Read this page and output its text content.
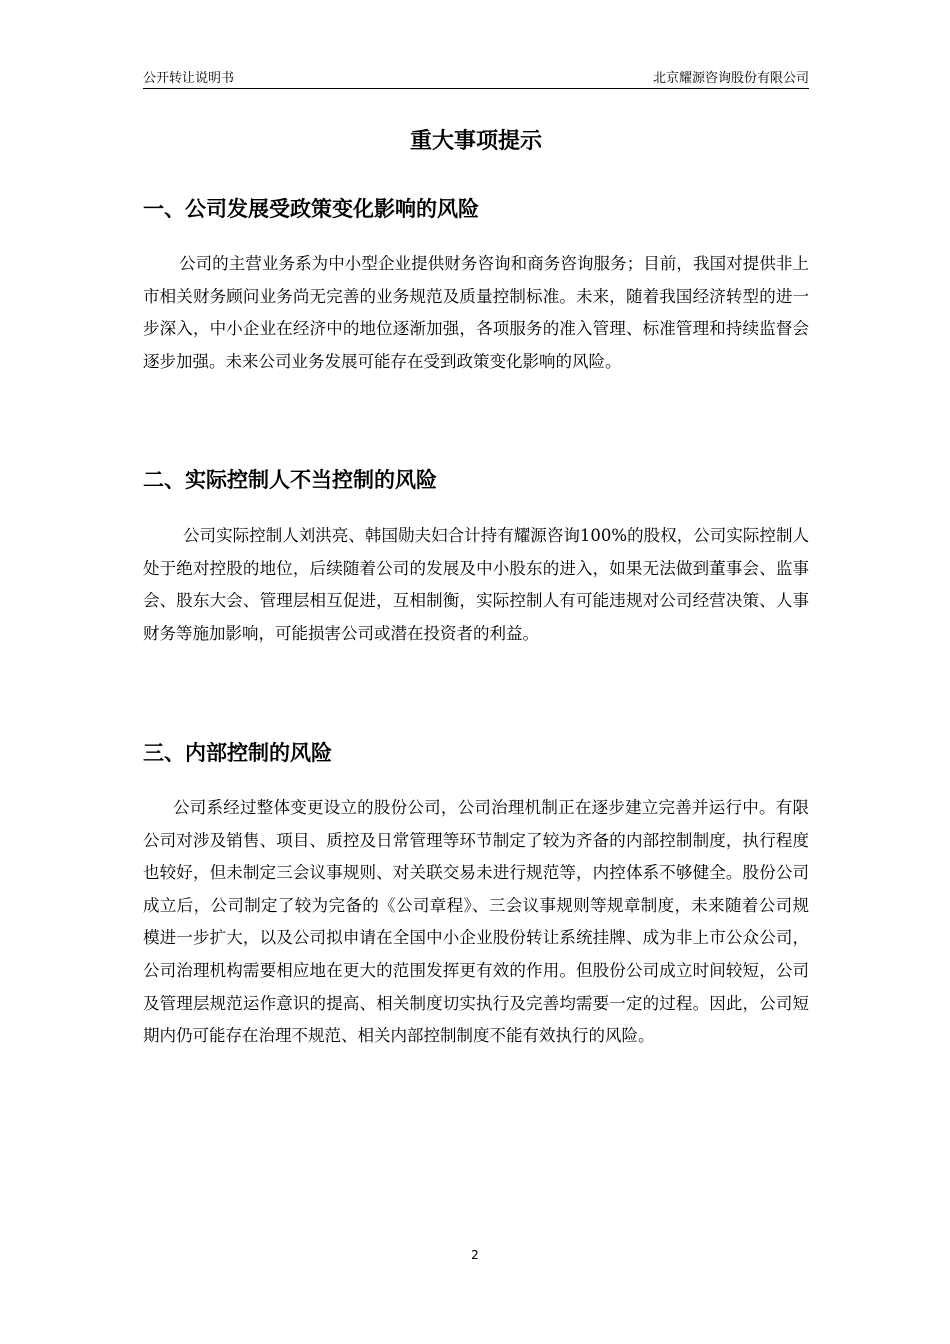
公开转让说明书	北京耀源咨询股份有限公司
重大事项提示
一、公司发展受政策变化影响的风险

公司的主营业务系为中小型企业提供财务咨询和商务咨询服务；目前，我国对提供非上市相关财务顾问业务尚无完善的业务规范及质量控制标准。未来，随着我国经济转型的进一步深入，中小企业在经济中的地位逐渐加强，各项服务的准入管理、标准管理和持续监督会逐步加强。未来公司业务发展可能存在受到政策变化影响的风险。

二、实际控制人不当控制的风险

公司实际控制人刘洪亮、韩国勋夫妇合计持有耀源咨询100%的股权，公司实际控制人处于绝对控股的地位，后续随着公司的发展及中小股东的进入，如果无法做到董事会、监事会、股东大会、管理层相互促进，互相制衡，实际控制人有可能违规对公司经营决策、人事财务等施加影响，可能损害公司或潜在投资者的利益。

三、内部控制的风险

公司系经过整体变更设立的股份公司，公司治理机制正在逐步建立完善并运行中。有限公司对涉及销售、项目、质控及日常管理等环节制定了较为齐备的内部控制制度，执行程度也较好，但未制定三会议事规则、对关联交易未进行规范等，内控体系不够健全。股份公司成立后，公司制定了较为完备的《公司章程》、三会议事规则等规章制度，未来随着公司规模进一步扩大，以及公司拟申请在全国中小企业股份转让系统挂牌、成为非上市公众公司，公司治理机构需要相应地在更大的范围发挥更有效的作用。但股份公司成立时间较短，公司及管理层规范运作意识的提高、相关制度切实执行及完善均需要一定的过程。因此，公司短期内仍可能存在治理不规范、相关内部控制制度不能有效执行的风险。

2
